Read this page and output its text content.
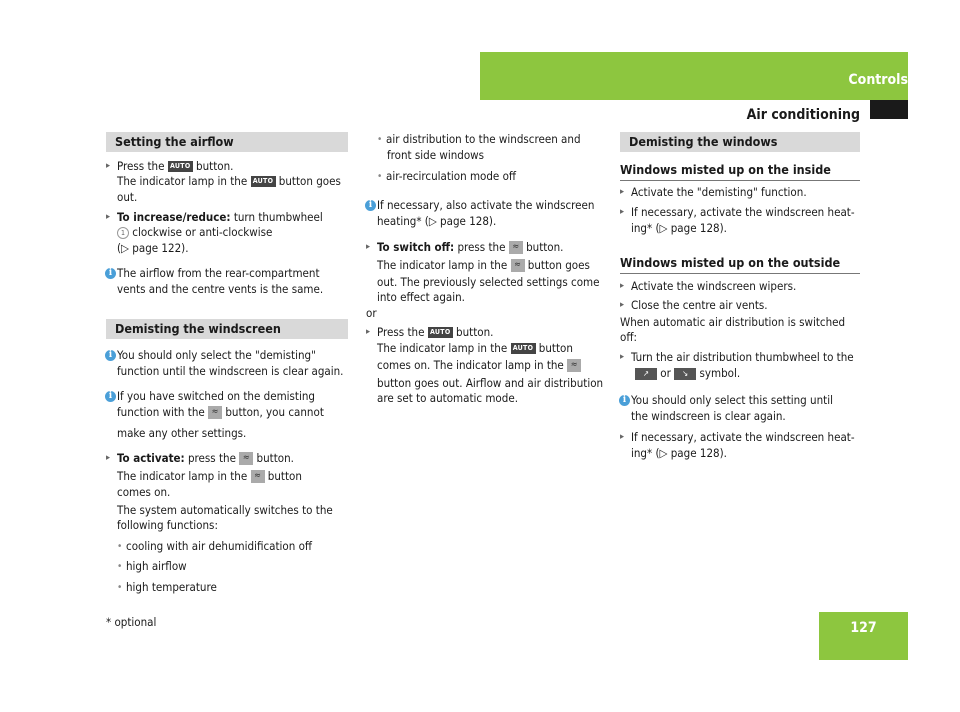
Controls
Air conditioning
Setting the airflow
▸ Press the AUTO button.
The indicator lamp in the AUTO button goes
out.
▸ To increase/reduce: turn thumbwheel
1 clockwise or anti-clockwise
(▷ page 122).
i The airflow from the rear-compartment
vents and the centre vents is the same.
Demisting the windscreen
i You should only select the "demisting"
function until the windscreen is clear again.
i If you have switched on the demisting
function with the ≈ button, you cannot
make any other settings.
▸ To activate: press the ≈ button.
The indicator lamp in the ≈ button
comes on.
The system automatically switches to the
following functions:
• cooling with air dehumidification off
• high airflow
• high temperature
• air distribution to the windscreen and
front side windows
• air-recirculation mode off
i If necessary, also activate the windscreen
heating* (▷ page 128).
▸ To switch off: press the ≈ button.
The indicator lamp in the ≈ button goes
out. The previously selected settings come
into effect again.
or
▸ Press the AUTO button.
The indicator lamp in the AUTO button
comes on. The indicator lamp in the ≈
button goes out. Airflow and air distribution
are set to automatic mode.
Demisting the windows
Windows misted up on the inside
▸ Activate the "demisting" function.
▸ If necessary, activate the windscreen heat-
ing* (▷ page 128).
Windows misted up on the outside
▸ Activate the windscreen wipers.
▸ Close the centre air vents.
When automatic air distribution is switched
off:
▸ Turn the air distribution thumbwheel to the
↗ or ↘ symbol.
i You should only select this setting until
the windscreen is clear again.
▸ If necessary, activate the windscreen heat-
ing* (▷ page 128).
* optional	127
